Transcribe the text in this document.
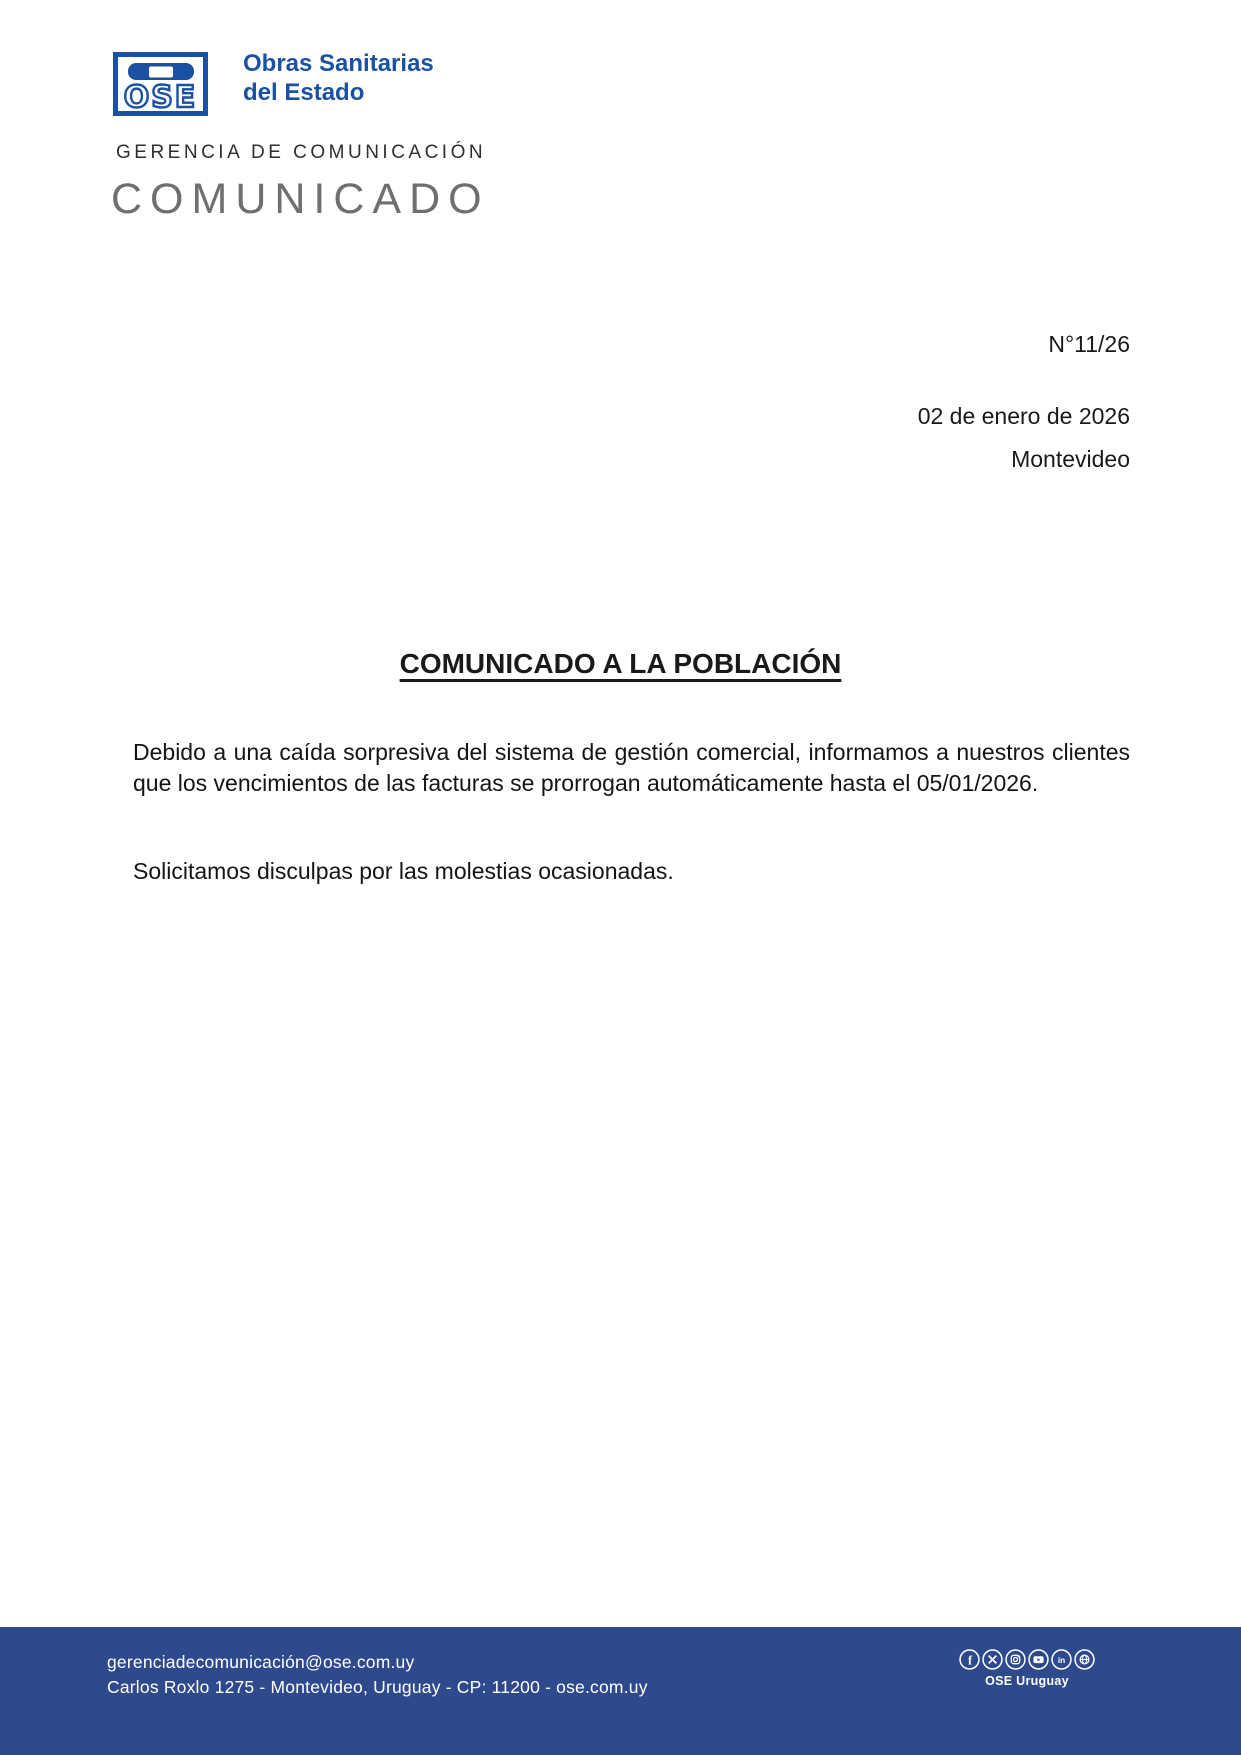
OSE
Obras Sanitarias
del Estado
GERENCIA DE COMUNICACIÓN
COMUNICADO
N°11/26
02 de enero de 2026
Montevideo
COMUNICADO A LA POBLACIÓN

Debido a una caída sorpresiva del sistema de gestión comercial, informamos a nuestros clientes que los vencimientos de las facturas se prorrogan automáticamente hasta el 05/01/2026.

Solicitamos disculpas por las molestias ocasionadas.

gerenciadecomunicación@ose.com.uy
Carlos Roxlo 1275 - Montevideo, Uruguay - CP: 11200 - ose.com.uy
f	in
OSE Uruguay
